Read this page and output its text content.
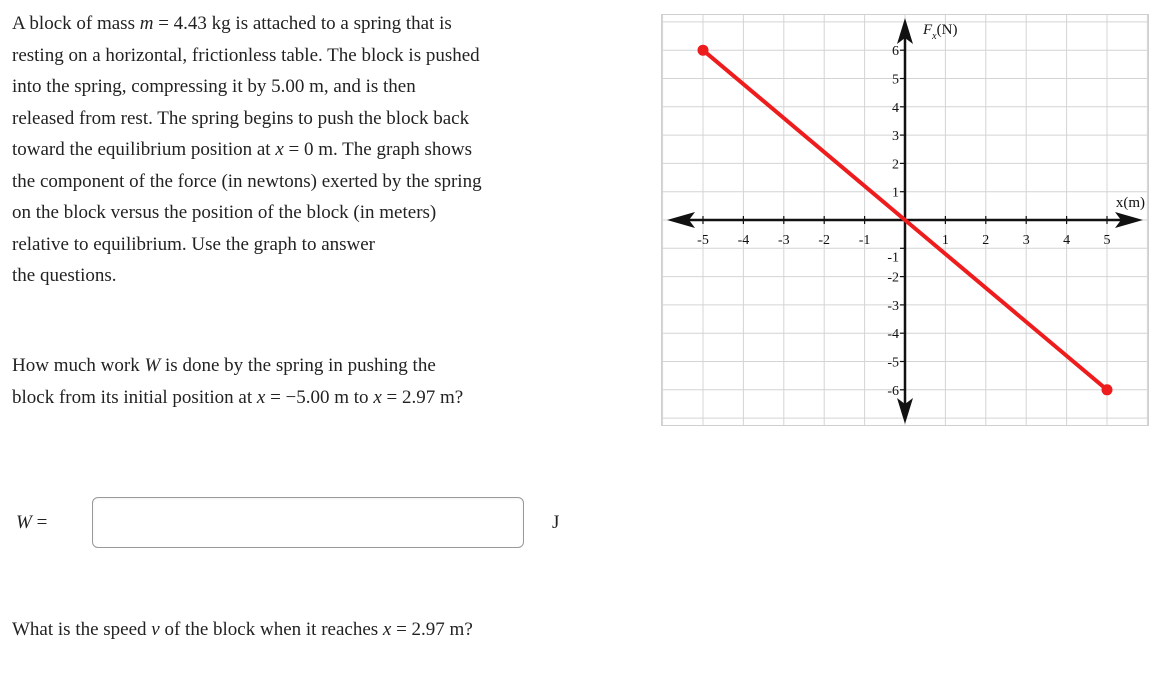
A block of mass m = 4.43 kg is attached to a spring that is
resting on a horizontal, frictionless table. The block is pushed
into the spring, compressing it by 5.00 m, and is then
released from rest. The spring begins to push the block back
toward the equilibrium position at x = 0 m. The graph shows
the component of the force (in newtons) exerted by the spring
on the block versus the position of the block (in meters)
relative to equilibrium. Use the graph to answer
the questions.
How much work W is done by the spring in pushing the
block from its initial position at x = −5.00 m to x = 2.97 m?
W =	J
What is the speed v of the block when it reaches x = 2.97 m?
-5 -4 -3 -2 -1	1 2 3 4 5
-6
-5
-4
-3
-2
-1
1
2
3
4
5
6
x(m)
$F_x(N)$
